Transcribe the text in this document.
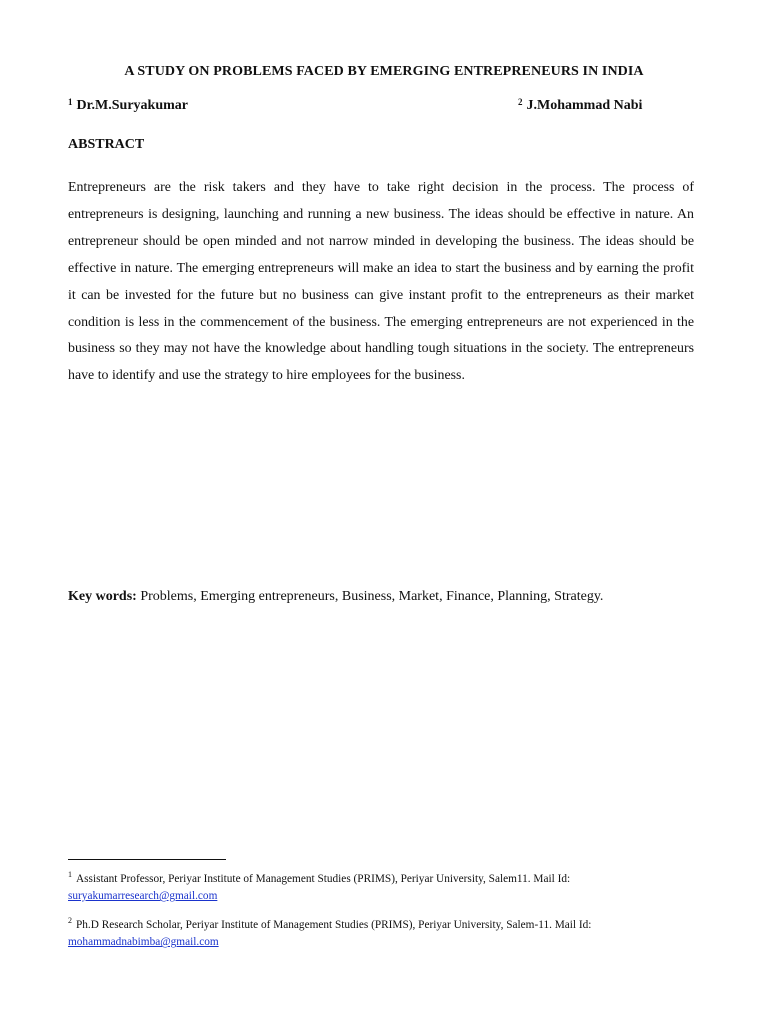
A STUDY ON PROBLEMS FACED BY EMERGING ENTREPRENEURS IN INDIA
$^1$ Dr.M.Suryakumar	$^2$ J.Mohammad Nabi
ABSTRACT
Entrepreneurs are the risk takers and they have to take right decision in the process. The process of entrepreneurs is designing, launching and running a new business. The ideas should be effective in nature. An entrepreneur should be open minded and not narrow minded in developing the business. The ideas should be effective in nature. The emerging entrepreneurs will make an idea to start the business and by earning the profit it can be invested for the future but no business can give instant profit to the entrepreneurs as their market condition is less in the commencement of the business. The emerging entrepreneurs are not experienced in the business so they may not have the knowledge about handling tough situations in the society. The entrepreneurs have to identify and use the strategy to hire employees for the business.
Key words: Problems, Emerging entrepreneurs, Business, Market, Finance, Planning, Strategy.
$^1$ Assistant Professor, Periyar Institute of Management Studies (PRIMS), Periyar University, Salem11. Mail Id:
suryakumarresearch@gmail.com
$^2$ Ph.D Research Scholar, Periyar Institute of Management Studies (PRIMS), Periyar University, Salem-11. Mail Id:
mohammadnabimba@gmail.com
